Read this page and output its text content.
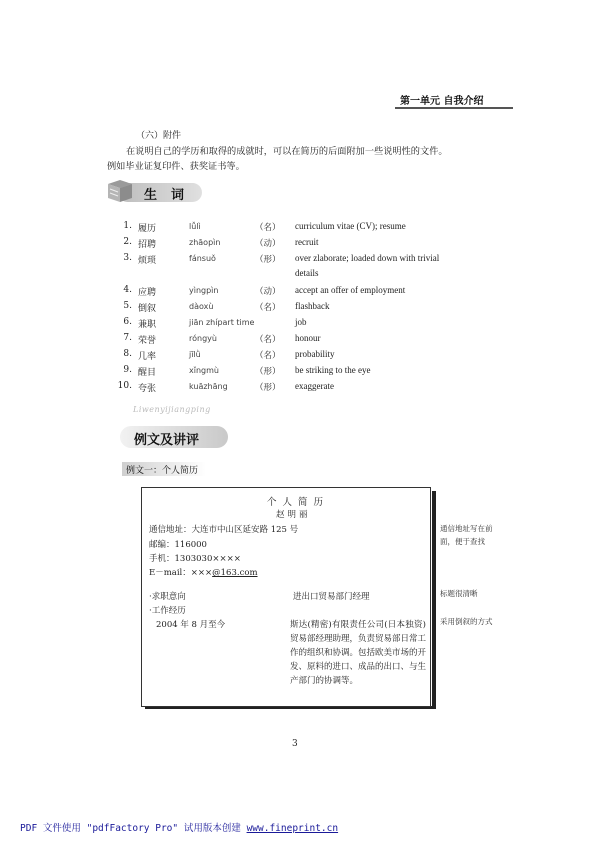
第一单元 自我介绍
（六）附件
在说明自己的学历和取得的成就时，可以在简历的后面附加一些说明性的文件。
例如毕业证复印件、获奖证书等。
生词
1. 履历	lǚlì	（名） curriculum vitae (CV); resume
2. 招聘	zhāopìn	（动） recruit
3. 烦琐	fánsuǒ	（形） over zlaborate; loaded down with trivial
details
4. 应聘	yìngpìn	（动） accept an offer of employment
5. 倒叙	dàoxù	（名） flashback
6. 兼职	jiān zhípart time	job
7. 荣誉	róngyù	（名） honour
8. 几率	jīlǜ	（名） probability
9. 醒目	xǐngmù	（形） be striking to the eye
10. 夸张	kuāzhāng	（形） exaggerate
Liwenyijiangping
例文及讲评
例文一：个人简历
个人简历
赵明丽
通信地址：大连市中山区延安路 125 号
邮编：116000
手机：1303030××××
E－mail：×××@163.com
·求职意向	进出口贸易部门经理
·工作经历
2004 年 8 月至今	斯达(精密)有限责任公司(日本独资)贸易部经理助理，负责贸易部日常工作的组织和协调。包括欧美市场的开发、原料的进口、成品的出口、与生产部门的协调等。
通信地址写在前面，便于查找
标题很清晰
采用倒叙的方式
3
PDF 文件使用 "pdfFactory Pro" 试用版本创建 www.fineprint.cn
